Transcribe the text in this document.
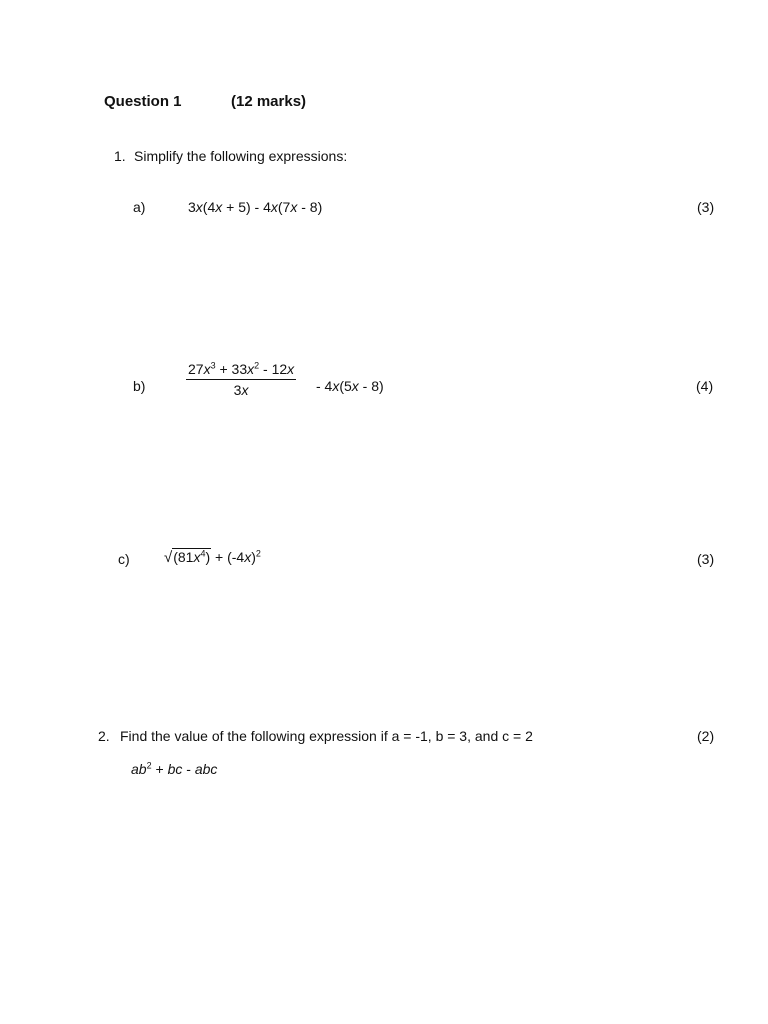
Question 1	(12 marks)
1. Simplify the following expressions:
a)	3x(4x + 5) - 4x(7x - 8)	(3)
b)	$\frac{27x^3 + 33x^2 - 12x}{3x} - 4x(5x - 8)$	(4)
c) $√(81x^4) + (-4x)^2$	(3)
2. Find the value of the following expression if a = -1, b = 3, and c = 2	(2)
$ab^2$ + bc - abc
